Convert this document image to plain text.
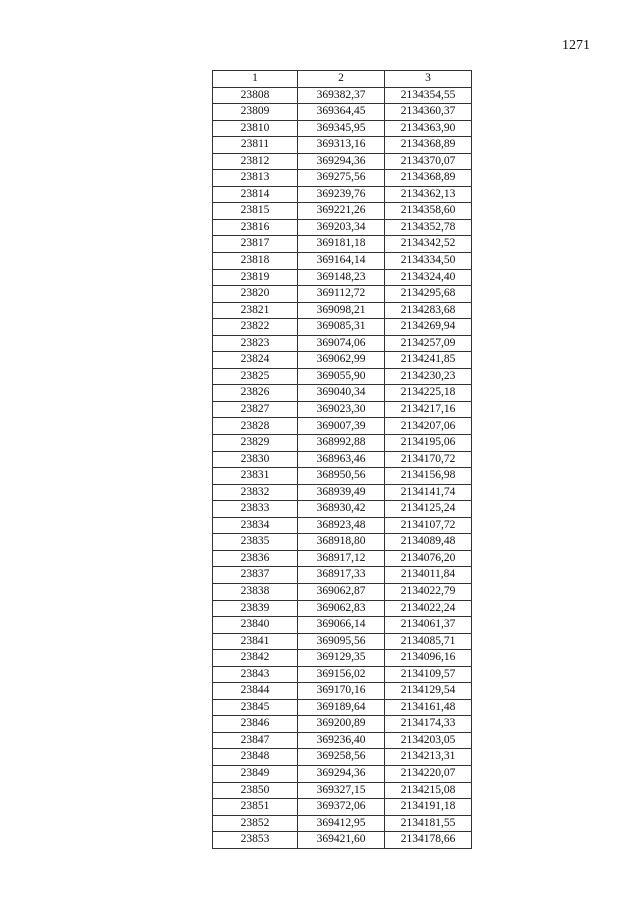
1271
1	2	3
23808	369382,37	2134354,55
23809	369364,45	2134360,37
23810	369345,95	2134363,90
23811	369313,16	2134368,89
23812	369294,36	2134370,07
23813	369275,56	2134368,89
23814	369239,76	2134362,13
23815	369221,26	2134358,60
23816	369203,34	2134352,78
23817	369181,18	2134342,52
23818	369164,14	2134334,50
23819	369148,23	2134324,40
23820	369112,72	2134295,68
23821	369098,21	2134283,68
23822	369085,31	2134269,94
23823	369074,06	2134257,09
23824	369062,99	2134241,85
23825	369055,90	2134230,23
23826	369040,34	2134225,18
23827	369023,30	2134217,16
23828	369007,39	2134207,06
23829	368992,88	2134195,06
23830	368963,46	2134170,72
23831	368950,56	2134156,98
23832	368939,49	2134141,74
23833	368930,42	2134125,24
23834	368923,48	2134107,72
23835	368918,80	2134089,48
23836	368917,12	2134076,20
23837	368917,33	2134011,84
23838	369062,87	2134022,79
23839	369062,83	2134022,24
23840	369066,14	2134061,37
23841	369095,56	2134085,71
23842	369129,35	2134096,16
23843	369156,02	2134109,57
23844	369170,16	2134129,54
23845	369189,64	2134161,48
23846	369200,89	2134174,33
23847	369236,40	2134203,05
23848	369258,56	2134213,31
23849	369294,36	2134220,07
23850	369327,15	2134215,08
23851	369372,06	2134191,18
23852	369412,95	2134181,55
23853	369421,60	2134178,66
